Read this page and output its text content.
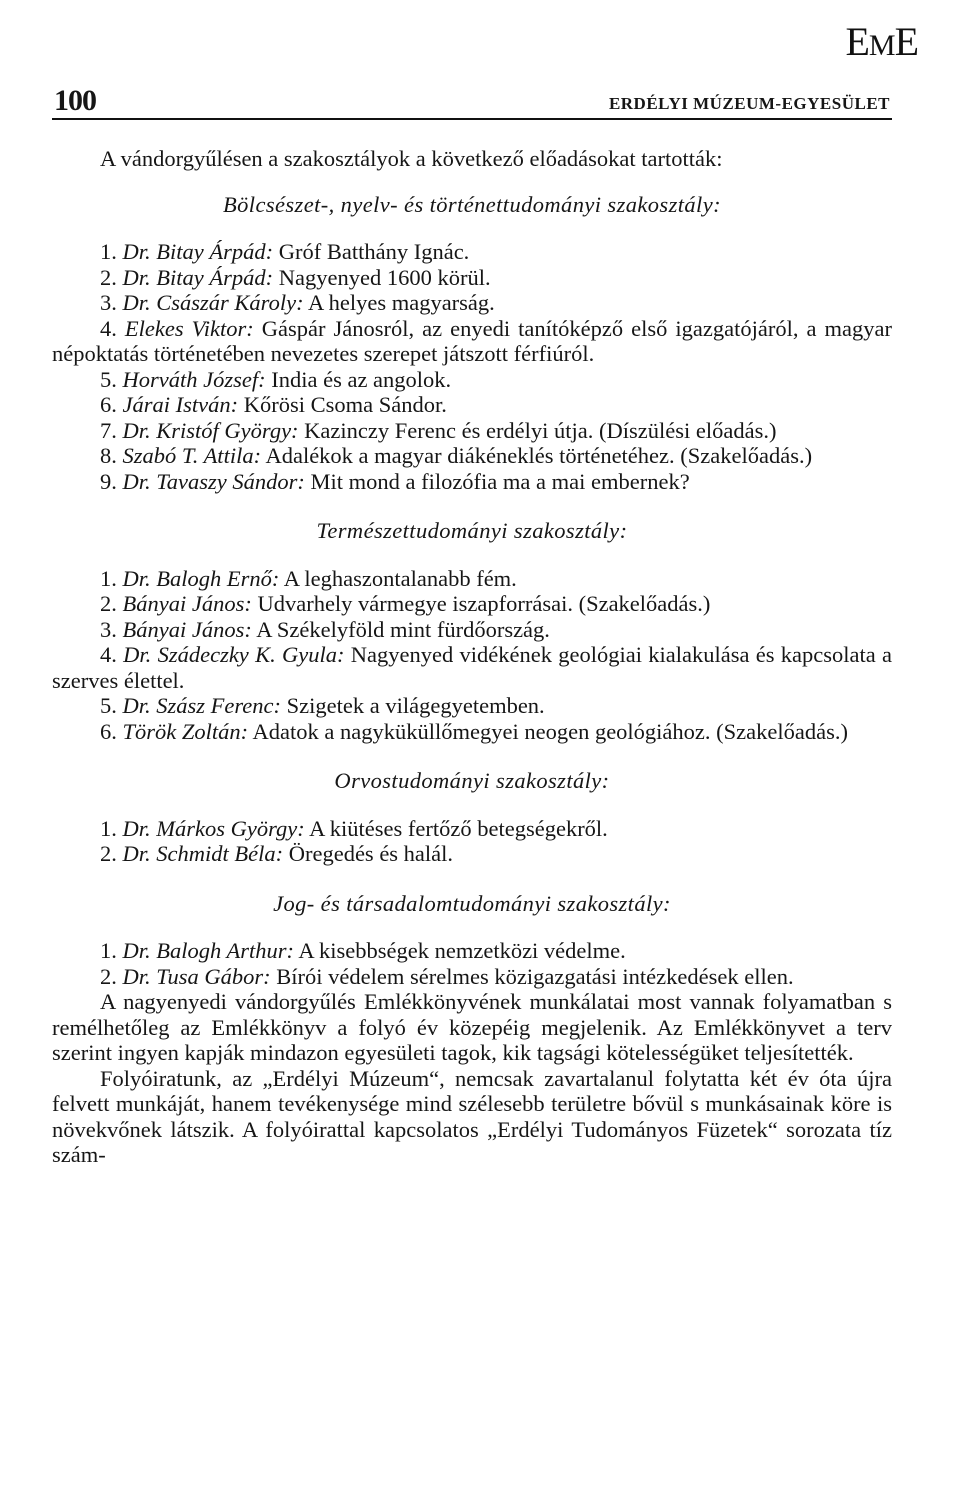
EME
100	ERDÉLYI MÚZEUM-EGYESÜLET

A vándorgyűlésen a szakosztályok a következő előadásokat tartották:

Bölcsészet-, nyelv- és történettudományi szakosztály:

1. Dr. Bitay Árpád: Gróf Batthány Ignác.

2. Dr. Bitay Árpád: Nagyenyed 1600 körül.

3. Dr. Császár Károly: A helyes magyarság.

4. Elekes Viktor: Gáspár Jánosról, az enyedi tanítóképző első igazgatójáról, a magyar népoktatás történetében nevezetes szerepet játszott férfiúról.

5. Horváth József: India és az angolok.

6. Járai István: Kőrösi Csoma Sándor.

7. Dr. Kristóf György: Kazinczy Ferenc és erdélyi útja. (Díszülési előadás.)

8. Szabó T. Attila: Adalékok a magyar diákéneklés történetéhez. (Szakelőadás.)

9. Dr. Tavaszy Sándor: Mit mond a filozófia ma a mai embernek?

Természettudományi szakosztály:

1. Dr. Balogh Ernő: A leghaszontalanabb fém.

2. Bányai János: Udvarhely vármegye iszapforrásai. (Szakelőadás.)

3. Bányai János: A Székelyföld mint fürdőország.

4. Dr. Szádeczky K. Gyula: Nagyenyed vidékének geológiai kialakulása és kapcsolata a szerves élettel.

5. Dr. Szász Ferenc: Szigetek a világegyetemben.

6. Török Zoltán: Adatok a nagyküküllőmegyei neogen geológiához. (Szakelőadás.)

Orvostudományi szakosztály:

1. Dr. Márkos György: A kiütéses fertőző betegségekről.

2. Dr. Schmidt Béla: Öregedés és halál.

Jog- és társadalomtudományi szakosztály:

1. Dr. Balogh Arthur: A kisebbségek nemzetközi védelme.

2. Dr. Tusa Gábor: Bírói védelem sérelmes közigazgatási intézkedések ellen.

A nagyenyedi vándorgyűlés Emlékkönyvének munkálatai most vannak folyamatban s remélhetőleg az Emlékkönyv a folyó év közepéig megjelenik. Az Emlékkönyvet a terv szerint ingyen kapják mindazon egyesületi tagok, kik tagsági kötelességüket teljesítették.

Folyóiratunk, az „Erdélyi Múzeum“, nemcsak zavartalanul folytatta két év óta újra felvett munkáját, hanem tevékenysége mind szélesebb területre bővül s munkásainak köre is növekvőnek látszik. A folyóirattal kapcsolatos „Erdélyi Tudományos Füzetek“ sorozata tíz szám-
